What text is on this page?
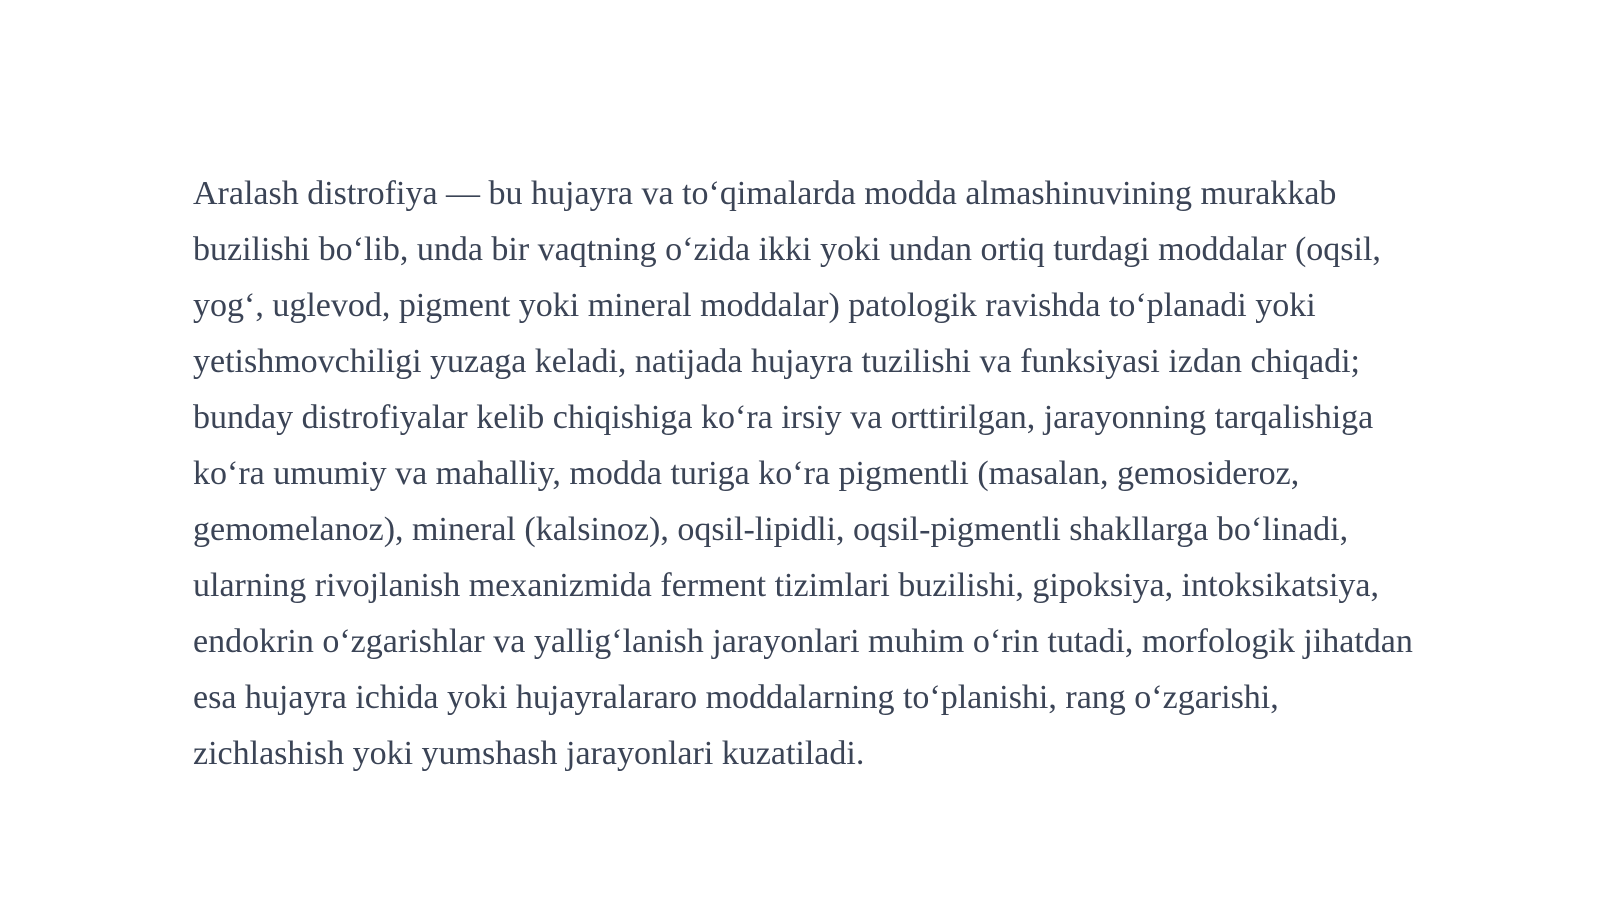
Aralash distrofiya — bu hujayra va to‘qimalarda modda almashinuvining murakkab
buzilishi bo‘lib, unda bir vaqtning o‘zida ikki yoki undan ortiq turdagi moddalar (oqsil,
yog‘, uglevod, pigment yoki mineral moddalar) patologik ravishda to‘planadi yoki
yetishmovchiligi yuzaga keladi, natijada hujayra tuzilishi va funksiyasi izdan chiqadi;
bunday distrofiyalar kelib chiqishiga ko‘ra irsiy va orttirilgan, jarayonning tarqalishiga
ko‘ra umumiy va mahalliy, modda turiga ko‘ra pigmentli (masalan, gemosideroz,
gemomelanoz), mineral (kalsinoz), oqsil-lipidli, oqsil-pigmentli shakllarga bo‘linadi,
ularning rivojlanish mexanizmida ferment tizimlari buzilishi, gipoksiya, intoksikatsiya,
endokrin o‘zgarishlar va yallig‘lanish jarayonlari muhim o‘rin tutadi, morfologik jihatdan
esa hujayra ichida yoki hujayralararo moddalarning to‘planishi, rang o‘zgarishi,
zichlashish yoki yumshash jarayonlari kuzatiladi.
